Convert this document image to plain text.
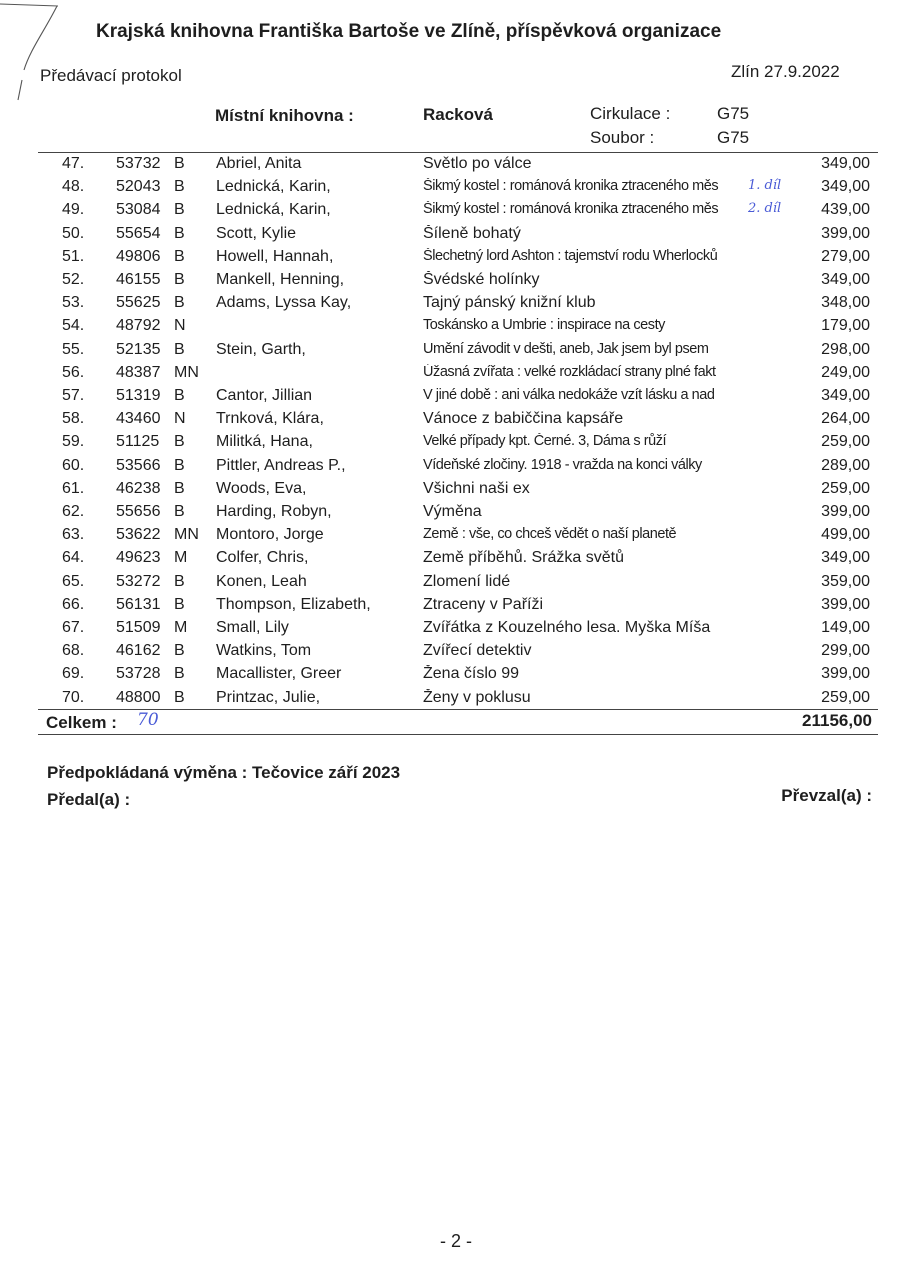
Krajská knihovna Františka Bartoše ve Zlíně, příspěvková organizace
Předávací protokol	Zlín 27.9.2022
Místní knihovna :	Racková	Cirkulace :	G75
Soubor :	G75
47.	53732 B Abriel, Anita	Světlo po válce	349,00
48.	52043 B Lednická, Karin,	Šikmý kostel : románová kronika ztraceného měs	349,00
1. díl
49.	53084 B Lednická, Karin,	Šikmý kostel : románová kronika ztraceného měs	439,00
2. díl
50.	55654 B Scott, Kylie	Šíleně bohatý	399,00
51.	49806 B Howell, Hannah,	Šlechetný lord Ashton : tajemství rodu Wherlocků	279,00
52.	46155 B Mankell, Henning,	Švédské holínky	349,00
53.	55625 B Adams, Lyssa Kay,	Tajný pánský knižní klub	348,00
54.	48792 N	Toskánsko a Umbrie : inspirace na cesty	179,00
55.	52135 B Stein, Garth,	Umění závodit v dešti, aneb, Jak jsem byl psem	298,00
56.	48387 MN	Úžasná zvířata : velké rozkládací strany plné fakt	249,00
57.	51319 B Cantor, Jillian	V jiné době : ani válka nedokáže vzít lásku a nad	349,00
58.	43460 N Trnková, Klára,	Vánoce z babiččina kapsáře	264,00
59.	51125 B Militká, Hana,	Velké případy kpt. Černé. 3, Dáma s růží	259,00
60.	53566 B Pittler, Andreas P.,	Vídeňské zločiny. 1918 - vražda na konci války	289,00
61.	46238 B Woods, Eva,	Všichni naši ex	259,00
62.	55656 B Harding, Robyn,	Výměna	399,00
63.	53622 MN Montoro, Jorge	Země : vše, co chceš vědět o naší planetě	499,00
64.	49623 M Colfer, Chris,	Země příběhů. Srážka světů	349,00
65.	53272 B Konen, Leah	Zlomení lidé	359,00
66.	56131 B Thompson, Elizabeth,	Ztraceny v Paříži	399,00
67.	51509 M Small, Lily	Zvířátka z Kouzelného lesa. Myška Míša	149,00
68.	46162 B Watkins, Tom	Zvířecí detektiv	299,00
69.	53728 B Macallister, Greer	Žena číslo 99	399,00
70.	48800 B Printzac, Julie,	Ženy v poklusu	259,00
Celkem : 70	21156,00
Předpokládaná výměna : Tečovice září 2023
Předal(a) :	Převzal(a) :
- 2 -
